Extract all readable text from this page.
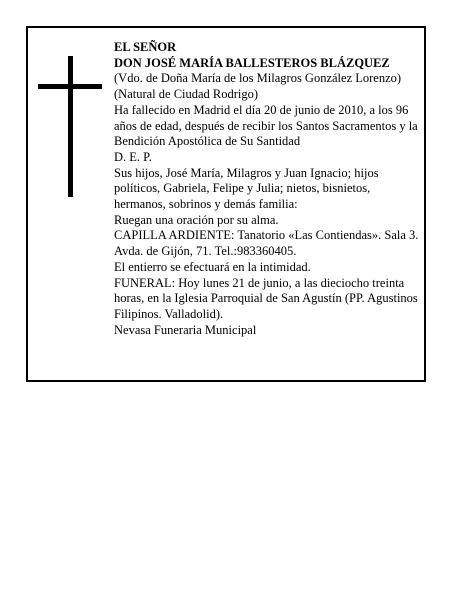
EL SEÑOR

DON JOSÉ MARÍA BALLESTEROS BLÁZQUEZ

(Vdo. de Doña María de los Milagros González Lorenzo)(Natural de Ciudad Rodrigo)

Ha fallecido en Madrid el día 20 de junio de 2010, a los 96 años de edad, después de recibir los Santos Sacramentos y la Bendición Apostólica de Su Santidad

D. E. P.

Sus hijos, José María, Milagros y Juan Ignacio; hijos políticos, Gabriela, Felipe y Julia; nietos, bisnietos, hermanos, sobrinos y demás familia:

Ruegan una oración por su alma.

CAPILLA ARDIENTE: Tanatorio «Las Contiendas». Sala 3. Avda. de Gijón, 71. Tel.:983360405.

El entierro se efectuará en la intimidad.

FUNERAL: Hoy lunes 21 de junio, a las dieciocho treinta horas, en la Iglesia Parroquial de San Agustín (PP. Agustinos Filipinos. Valladolid).

Nevasa Funeraria Municipal
